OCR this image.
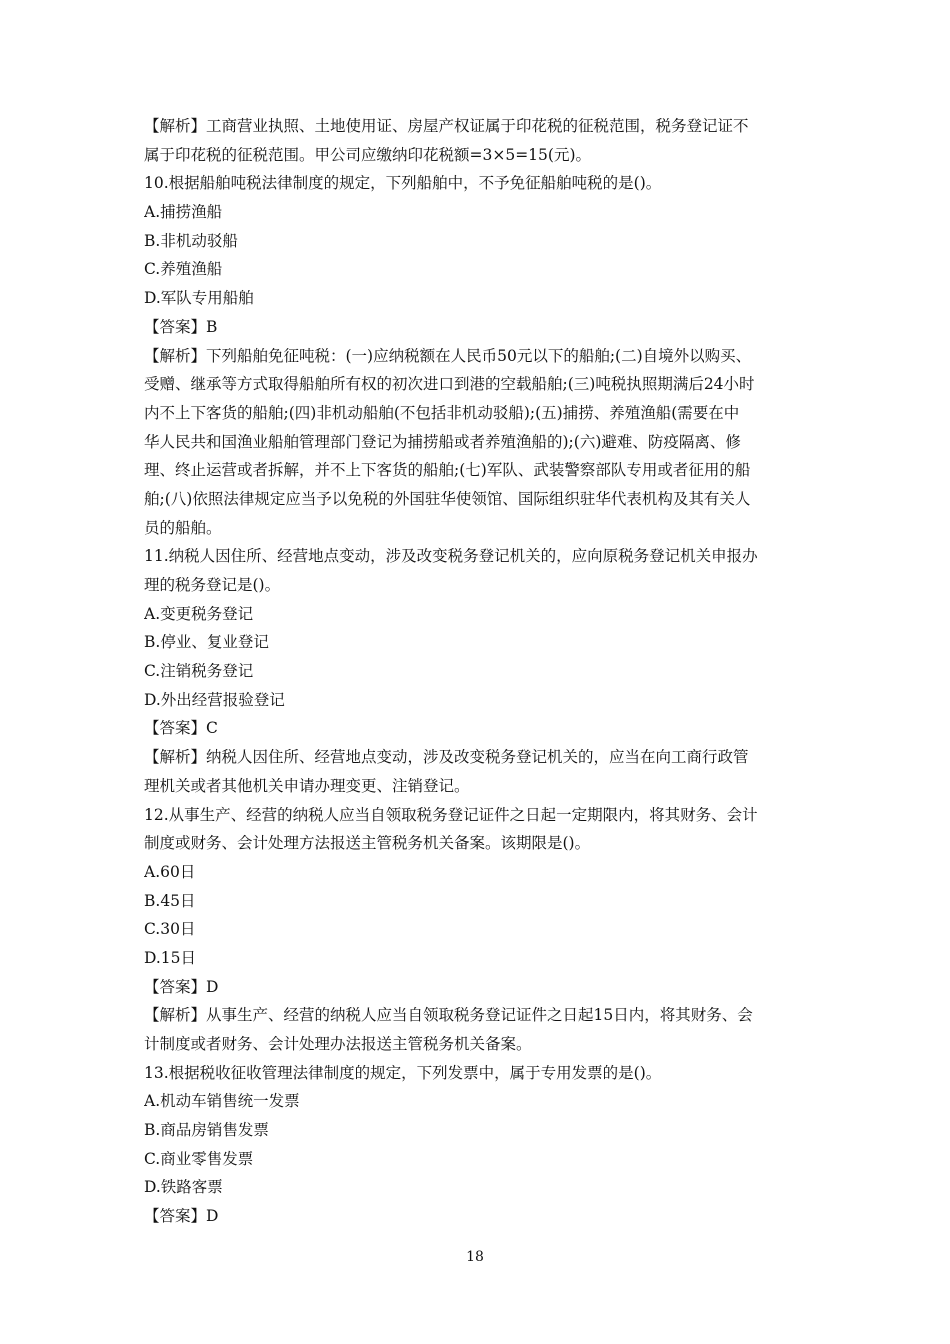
【解析】工商营业执照、土地使用证、房屋产权证属于印花税的征税范围，税务登记证不
属于印花税的征税范围。甲公司应缴纳印花税额=3×5=15(元)。
10.根据船舶吨税法律制度的规定，下列船舶中，不予免征船舶吨税的是()。
A.捕捞渔船
B.非机动驳船
C.养殖渔船
D.军队专用船舶
【答案】B
【解析】下列船舶免征吨税：(一)应纳税额在人民币50元以下的船舶;(二)自境外以购买、
受赠、继承等方式取得船舶所有权的初次进口到港的空载船舶;(三)吨税执照期满后24小时
内不上下客货的船舶;(四)非机动船舶(不包括非机动驳船);(五)捕捞、养殖渔船(需要在中
华人民共和国渔业船舶管理部门登记为捕捞船或者养殖渔船的);(六)避难、防疫隔离、修
理、终止运营或者拆解，并不上下客货的船舶;(七)军队、武装警察部队专用或者征用的船
舶;(八)依照法律规定应当予以免税的外国驻华使领馆、国际组织驻华代表机构及其有关人
员的船舶。
11.纳税人因住所、经营地点变动，涉及改变税务登记机关的，应向原税务登记机关申报办
理的税务登记是()。
A.变更税务登记
B.停业、复业登记
C.注销税务登记
D.外出经营报验登记
【答案】C
【解析】纳税人因住所、经营地点变动，涉及改变税务登记机关的，应当在向工商行政管
理机关或者其他机关申请办理变更、注销登记。
12.从事生产、经营的纳税人应当自领取税务登记证件之日起一定期限内，将其财务、会计
制度或财务、会计处理方法报送主管税务机关备案。该期限是()。
A.60日
B.45日
C.30日
D.15日
【答案】D
【解析】从事生产、经营的纳税人应当自领取税务登记证件之日起15日内，将其财务、会
计制度或者财务、会计处理办法报送主管税务机关备案。
13.根据税收征收管理法律制度的规定，下列发票中，属于专用发票的是()。
A.机动车销售统一发票
B.商品房销售发票
C.商业零售发票
D.铁路客票
【答案】D
18
